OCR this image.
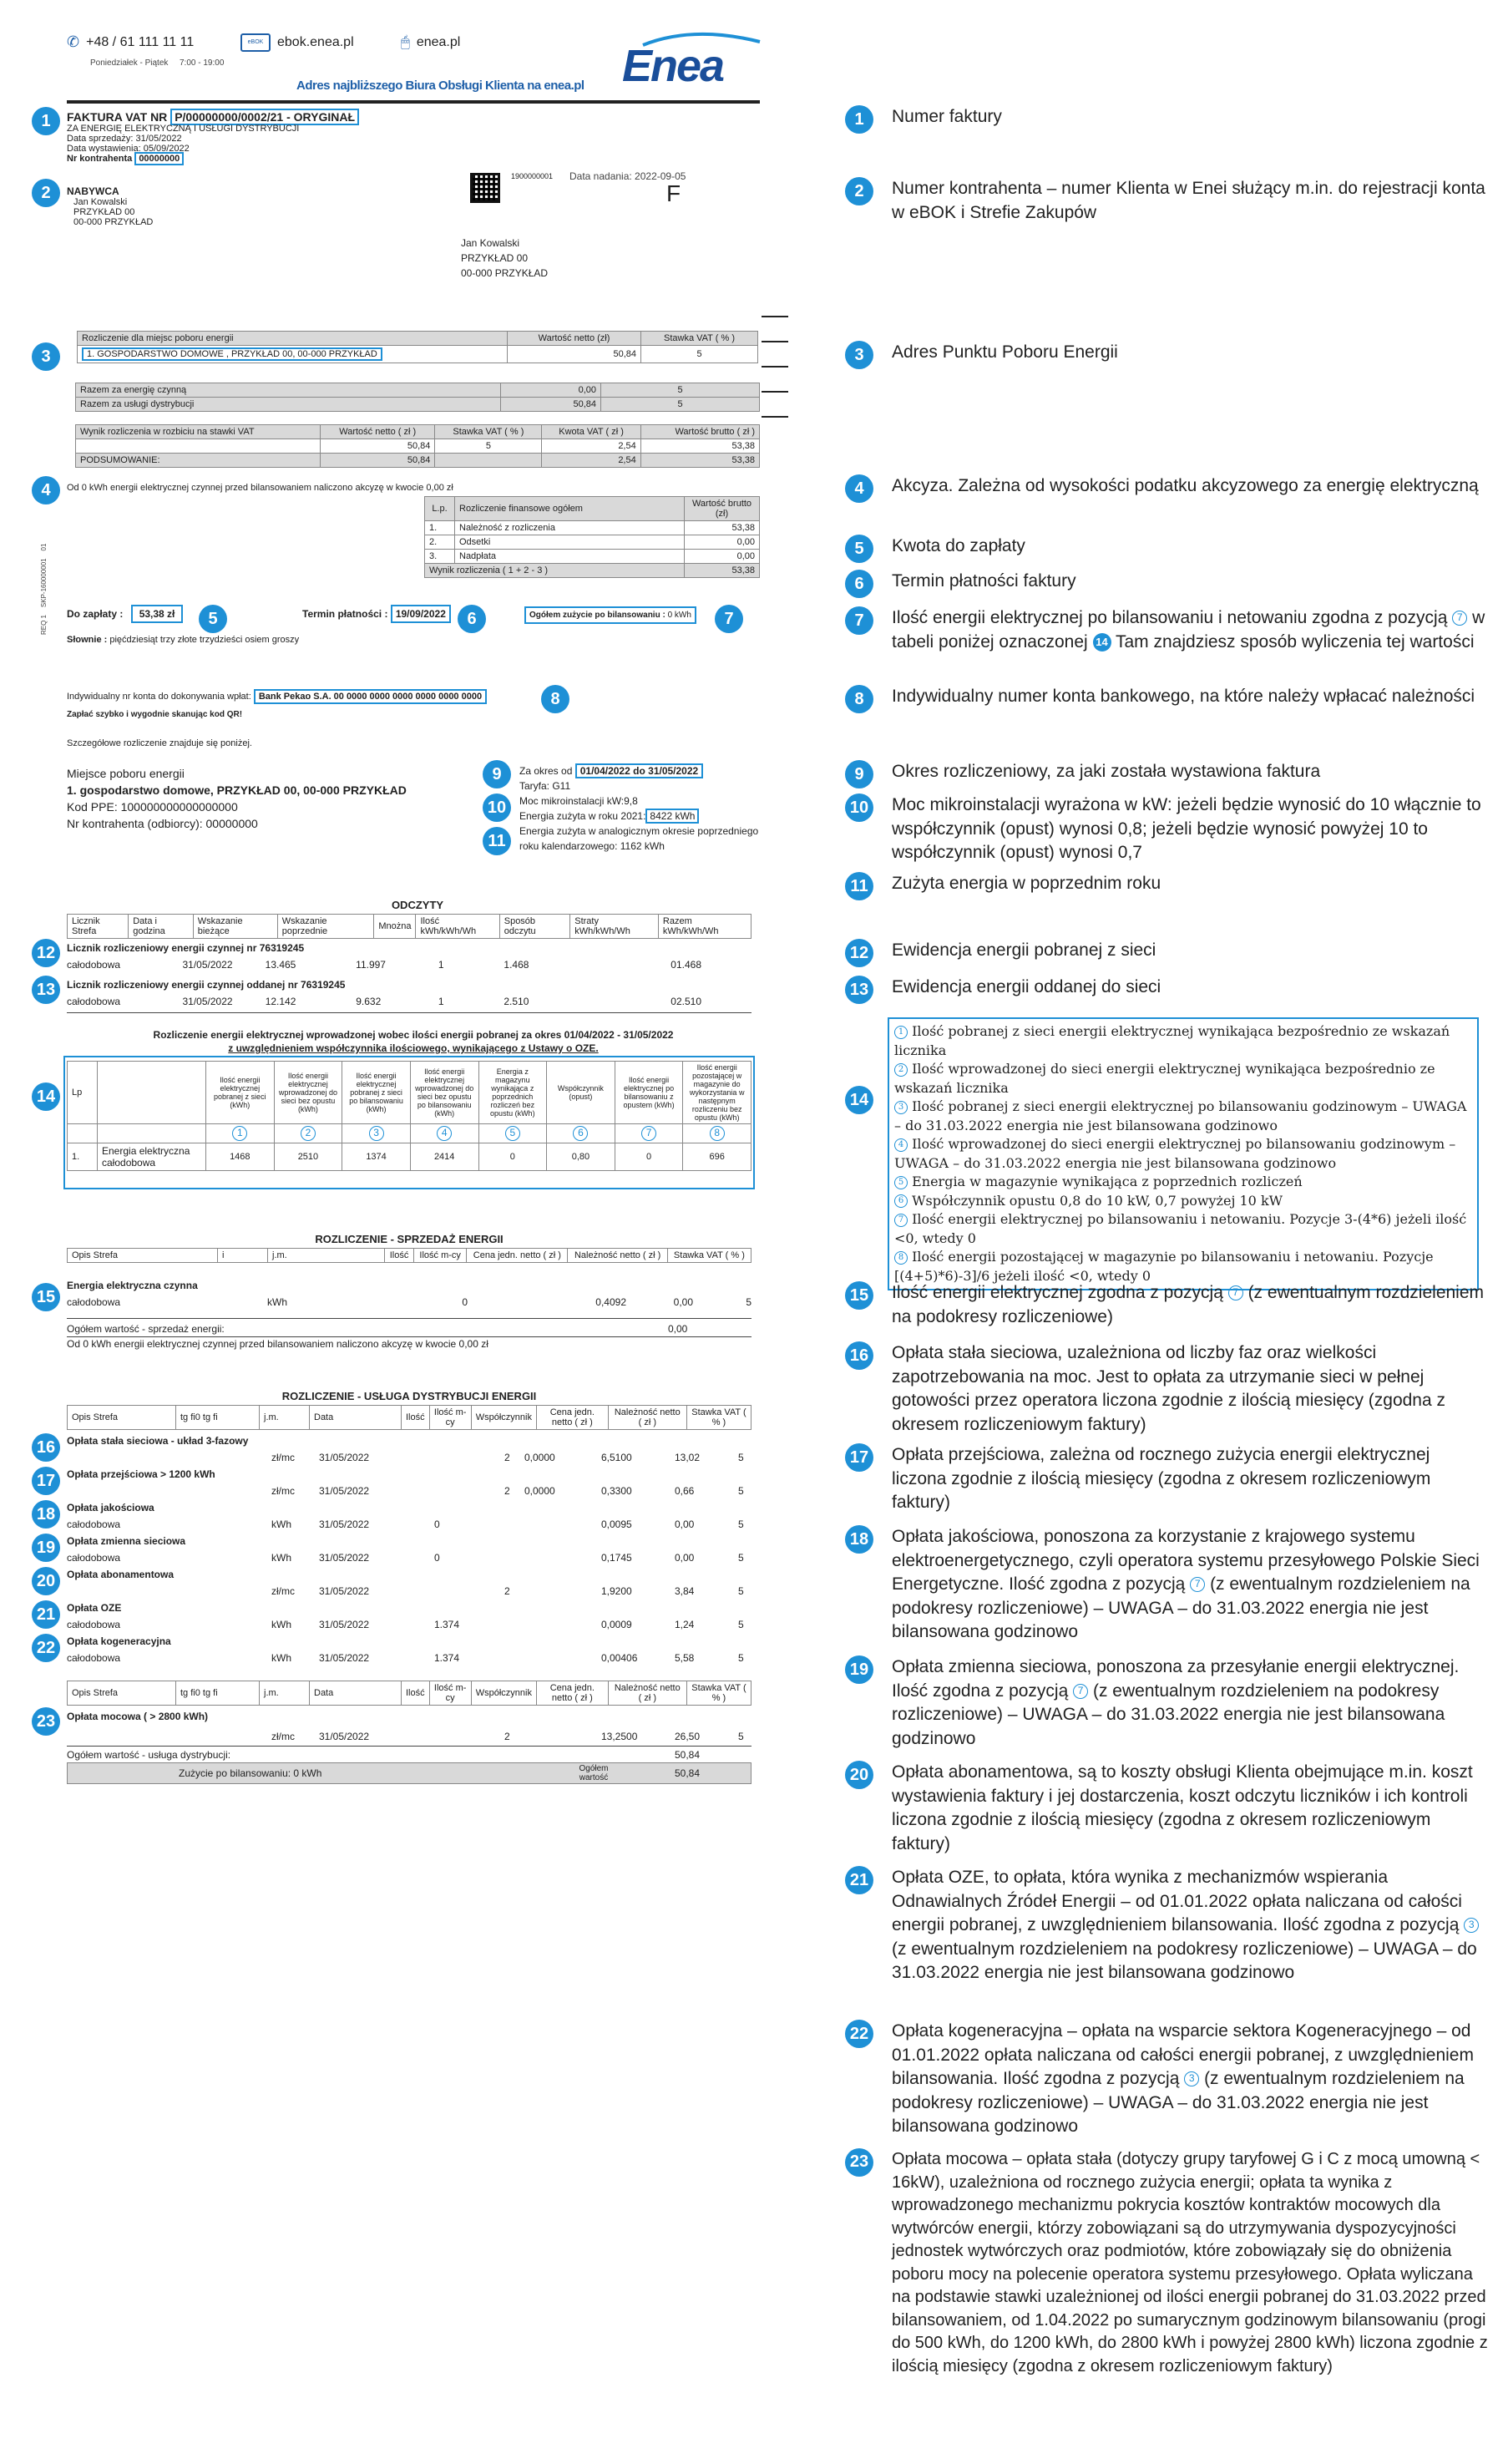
✆ +48 / 61 111 11 11
Poniedziałek - Piątek 7:00 - 19:00
eBOK	ebok.enea.pl	🖱 enea.pl
Adres najbliższego Biura Obsługi Klienta na enea.pl Enea
1	FAKTURA VAT NR P/00000000/0002/21 - ORYGINAŁ
ZA ENERGIĘ ELEKTRYCZNĄ I USŁUGI DYSTRYBUCJI
Data sprzedaży: 31/05/2022
Data wystawienia: 05/09/2022
Nr kontrahenta 00000000
2	NABYWCA
Jan Kowalski
PRZYKŁAD 00
00-000 PRZYKŁAD
1900000001 Data nadania: 2022-09-05
F
Jan Kowalski
PRZYKŁAD 00
00-000 PRZYKŁAD
REQ 1    SKP-160000001    01
3
Rozliczenie dla miejsc poboru energii	Wartość netto (zł)	Stawka VAT ( % )
1. GOSPODARSTWO DOMOWE , PRZYKŁAD 00, 00-000 PRZYKŁAD	50,84	5
Razem za energię czynną	0,00	5
Razem za usługi dystrybucji	50,84	5
Wynik rozliczenia w rozbiciu na stawki VAT	Wartość netto ( zł )	Stawka VAT ( % )	Kwota VAT ( zł )	Wartość brutto ( zł )
	50,84	5	2,54	53,38
PODSUMOWANIE:	50,84		2,54	53,38
4	Od 0 kWh energii elektrycznej czynnej przed bilansowaniem naliczono akcyzę w kwocie 0,00 zł
L.p.	Rozliczenie finansowe ogółem	Wartość brutto (zł)
1.	Należność z rozliczenia	53,38
2.	Odsetki	0,00
3.	Nadpłata	0,00
Wynik rozliczenia ( 1 + 2 - 3 )		53,38
Do zapłaty : 53,38 zł	5
Słownie : pięćdziesiąt trzy złote trzydzieści osiem groszy
Termin płatności : 19/09/2022	6	Ogółem zużycie po bilansowaniu : 0 kWh	7
Indywidualny nr konta do dokonywania wpłat: Bank Pekao S.A. 00 0000 0000 0000 0000 0000 0000	8
Zapłać szybko i wygodnie skanując kod QR!
Szczegółowe rozliczenie znajduje się poniżej.
Miejsce poboru energii
1. gospodarstwo domowe, PRZYKŁAD 00, 00-000 PRZYKŁAD
Kod PPE: 100000000000000000
Nr kontrahenta (odbiorcy): 00000000
9
10
11
Za okres od 01/04/2022 do 31/05/2022
Taryfa: G11
Moc mikroinstalacji kW:9,8
Energia zużyta w roku 2021: 8422 kWh
Energia zużyta w analogicznym okresie poprzedniego roku kalendarzowego: 1162 kWh
ODCZYTY
Licznik Strefa	Data i godzina	Wskazanie bieżące	Wskazanie poprzednie	Mnożna	Ilość kWh/kWh/Wh	Sposób odczytu	Straty kWh/kWh/Wh	Razem kWh/kWh/Wh
12
13
Licznik rozliczeniowy energii czynnej nr 76319245
całodobowa	31/05/2022	13.465	11.997	1	1.468		0	1.468
Licznik rozliczeniowy energii czynnej oddanej nr 76319245
całodobowa	31/05/2022	12.142	9.632	1	2.510		0	2.510
Rozliczenie energii elektrycznej wprowadzonej wobec ilości energii pobranej za okres 01/04/2022 - 31/05/2022
z uwzględnieniem współczynnika ilościowego, wynikającego z Ustawy o OZE.
14	Lp		Ilość energii elektrycznej pobranej z sieci (kWh)	Ilość energii elektrycznej wprowadzonej do sieci bez opustu (kWh)	Ilość energii elektrycznej pobranej z sieci po bilansowaniu (kWh)	Ilość energii elektrycznej wprowadzonej do sieci bez opustu po bilansowaniu (kWh)	Energia z magazynu wynikająca z poprzednich rozliczeń bez opustu (kWh)	Współczynnik (opust)	Ilość energii elektrycznej po bilansowaniu z opustem (kWh)	Ilość energii pozostającej w magazynie do wykorzystania w następnym rozliczeniu bez opustu (kWh)
		1	2	3	4	5	6	7	8
1.	Energia elektryczna całodobowa	1468	2510	1374	2414	0	0,80	0	696
ROZLICZENIE - SPRZEDAŻ ENERGII
Opis Strefa	i	j.m.	Ilość	Ilość m-cy	Cena jedn. netto ( zł )	Należność netto ( zł )	Stawka VAT ( % )
15
Energia elektryczna czynna
całodobowa		kWh	0		0,4092	0,00	5
Ogółem wartość - sprzedaż energii:	0,00
Od 0 kWh energii elektrycznej czynnej przed bilansowaniem naliczono akcyzę w kwocie 0,00 zł
ROZLICZENIE - USŁUGA DYSTRYBUCJI ENERGII
Opis Strefa	tg fi0 tg fi	j.m.	Data	Ilość	Ilość m-cy	Współczynnik	Cena jedn. netto ( zł )	Należność netto ( zł )	Stawka VAT ( % )
Opłata stała sieciowa - układ 3-fazowy
zł/mc 31/05/2022	2 0,0000	6,5100	13,02	5
Opłata przejściowa > 1200 kWh
zł/mc 31/05/2022	2 0,0000	0,3300	0,66	5
Opłata jakościowa
całodobowa	kWh	31/05/2022	0	0,0095	0,00	5
Opłata zmienna sieciowa
całodobowa	kWh	31/05/2022	0	0,1745	0,00	5
Opłata abonamentowa
zł/mc 31/05/2022	2	1,9200	3,84	5
Opłata OZE
całodobowa	kWh	31/05/2022	1.374	0,0009	1,24	5
Opłata kogeneracyjna
całodobowa	kWh	31/05/2022	1.374	0,00406	5,58	5
16
17
18
19
20
21
22
Opis Strefa	tg fi0 tg fi	j.m.	Data	Ilość	Ilość m-cy	Współczynnik	Cena jedn. netto ( zł )	Należność netto ( zł )	Stawka VAT ( % )
23	Opłata mocowa ( > 2800 kWh)
zł/mc 31/05/2022	2	13,2500	26,50	5
Ogółem wartość - usługa dystrybucji:	50,84
Zużycie po bilansowaniu: 0 kWh	Ogółem wartość	50,84
1	Numer faktury
2	Numer kontrahenta – numer Klienta w Enei służący m.in. do rejestracji konta w eBOK i Strefie Zakupów
3	Adres Punktu Poboru Energii
4	Akcyza. Zależna od wysokości podatku akcyzowego za energię elektryczną
5	Kwota do zapłaty
6	Termin płatności faktury
7	Ilość energii elektrycznej po bilansowaniu i netowaniu zgodna z pozycją 7 w tabeli poniżej oznaczonej 14 Tam znajdziesz sposób wyliczenia tej wartości
8	Indywidualny numer konta bankowego, na które należy wpłacać należności
9	Okres rozliczeniowy, za jaki została wystawiona faktura
10 Moc mikroinstalacji wyrażona w kW: jeżeli będzie wynosić do 10 włącznie to współczynnik (opust) wynosi 0,8; jeżeli będzie wynosić powyżej 10 to współczynnik (opust) wynosi 0,7
11	Zużyta energia w poprzednim roku
12 Ewidencja energii pobranej z sieci
13 Ewidencja energii oddanej do sieci
14
1 Ilość pobranej z sieci energii elektrycznej wynikająca bezpośrednio ze wskazań licznika
2 Ilość wprowadzonej do sieci energii elektrycznej wynikająca bezpośrednio ze wskazań licznika
3 Ilość pobranej z sieci energii elektrycznej po bilansowaniu godzinowym – UWAGA – do 31.03.2022 energia nie jest bilansowana godzinowo
4 Ilość wprowadzonej do sieci energii elektrycznej po bilansowaniu godzinowym – UWAGA – do 31.03.2022 energia nie jest bilansowana godzinowo
5 Energia w magazynie wynikająca z poprzednich rozliczeń
6 Współczynnik opustu 0,8 do 10 kW, 0,7 powyżej 10 kW
7 Ilość energii elektrycznej po bilansowaniu i netowaniu. Pozycje 3-(4*6) jeżeli ilość <0, wtedy 0
8 Ilość energii pozostającej w magazynie po bilansowaniu i netowaniu. Pozycje [(4+5)*6)-3]/6 jeżeli ilość <0, wtedy 0
15 Ilość energii elektrycznej zgodna z pozycją 7 (z ewentualnym rozdzieleniem na podokresy rozliczeniowe)
16 Opłata stała sieciowa, uzależniona od liczby faz oraz wielkości zapotrzebowania na moc. Jest to opłata za utrzymanie sieci w pełnej gotowości przez operatora liczona zgodnie z ilością miesięcy (zgodna z okresem rozliczeniowym faktury)
17 Opłata przejściowa, zależna od rocznego zużycia energii elektrycznej liczona zgodnie z ilością miesięcy (zgodna z okresem rozliczeniowym faktury)
18 Opłata jakościowa, ponoszona za korzystanie z krajowego systemu elektroenergetycznego, czyli operatora systemu przesyłowego Polskie Sieci Energetyczne. Ilość zgodna z pozycją 7 (z ewentualnym rozdzieleniem na podokresy rozliczeniowe) – UWAGA – do 31.03.2022 energia nie jest bilansowana godzinowo
19 Opłata zmienna sieciowa, ponoszona za przesyłanie energii elektrycznej. Ilość zgodna z pozycją 7 (z ewentualnym rozdzieleniem na podokresy rozliczeniowe) – UWAGA – do 31.03.2022 energia nie jest bilansowana godzinowo
20 Opłata abonamentowa, są to koszty obsługi Klienta obejmujące m.in. koszt wystawienia faktury i jej dostarczenia, koszt odczytu liczników i ich kontroli liczona zgodnie z ilością miesięcy (zgodna z okresem rozliczeniowym faktury)
21 Opłata OZE, to opłata, która wynika z mechanizmów wspierania Odnawialnych Źródeł Energii – od 01.01.2022 opłata naliczana od całości energii pobranej, z uwzględnieniem bilansowania. Ilość zgodna z pozycją 3 (z ewentualnym rozdzieleniem na podokresy rozliczeniowe) – UWAGA – do 31.03.2022 energia nie jest bilansowana godzinowo
22 Opłata kogeneracyjna – opłata na wsparcie sektora Kogeneracyjnego – od 01.01.2022 opłata naliczana od całości energii pobranej, z uwzględnieniem bilansowania. Ilość zgodna z pozycją 3 (z ewentualnym rozdzieleniem na podokresy rozliczeniowe) – UWAGA – do 31.03.2022 energia nie jest bilansowana godzinowo
23 Opłata mocowa – opłata stała (dotyczy grupy taryfowej G i C z mocą umowną < 16kW), uzależniona od rocznego zużycia energii; opłata ta wynika z wprowadzonego mechanizmu pokrycia kosztów kontraktów mocowych dla wytwórców energii, którzy zobowiązani są do utrzymywania dyspozycyjności jednostek wytwórczych oraz podmiotów, które zobowiązały się do obniżenia poboru mocy na polecenie operatora systemu przesyłowego. Opłata wyliczana na podstawie stawki uzależnionej od ilości energii pobranej do 31.03.2022 przed bilansowaniem, od 1.04.2022 po sumarycznym godzinowym bilansowaniu (progi do 500 kWh, do 1200 kWh, do 2800 kWh i powyżej 2800 kWh) liczona zgodnie z ilością miesięcy (zgodna z okresem rozliczeniowym faktury)
